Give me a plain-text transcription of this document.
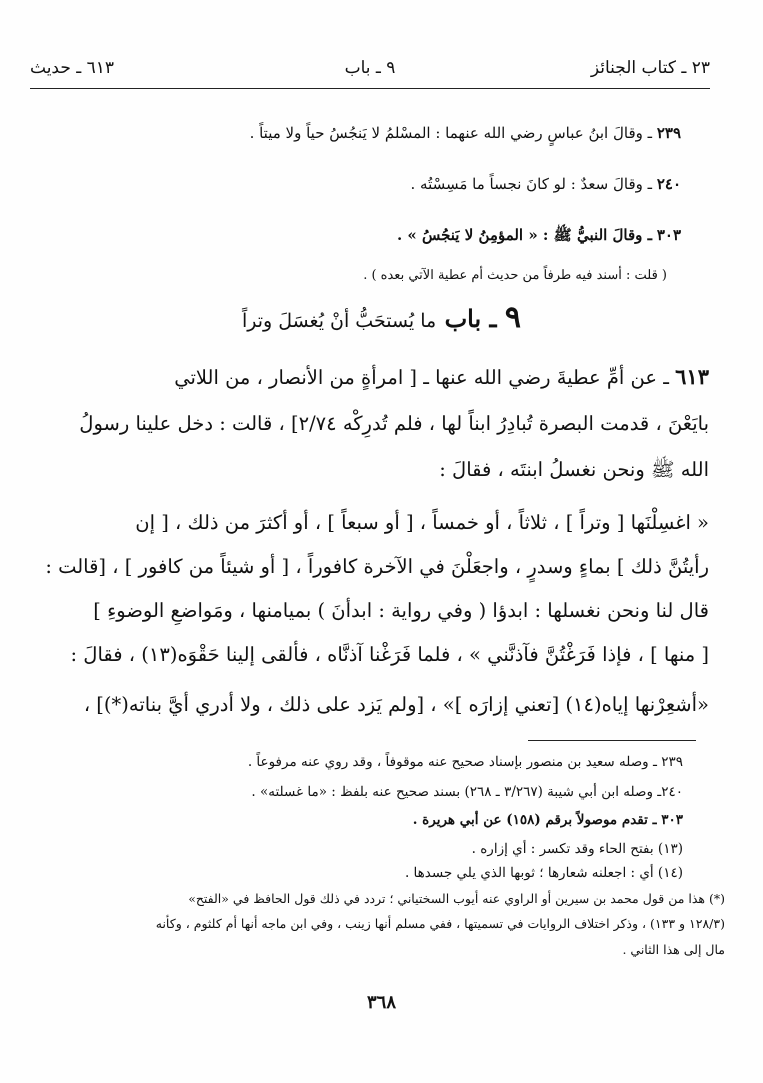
٢٣ ـ كتاب الجنائز
٩ ـ باب
٦١٣ ـ حديث
٢٣٩ ـ وقالَ ابنُ عباسٍ رضي الله عنهما : المسْلمُ لا يَنجُسُ حياً ولا ميتاً .
٢٤٠ ـ وقالَ سعدٌ : لو كانَ نجساً ما مَسِسْتُه .
٣٠٣ ـ وقالَ النبيُّ ﷺ : « المؤمِنُ لا يَنجُسُ » .
( قلت : أسند فيه طرفاً من حديث أم عطية الآتي بعده ) .
٩ ـ باب ما يُستحَبُّ أنْ يُغسَلَ وتراً
٦١٣ ـ عن أمِّ عطيةَ رضي الله عنها ـ [ امرأةٍ من الأنصار ، من اللاتي
بايَعْنَ ، قدمت البصرة تُبادِرُ ابناً لها ، فلم تُدرِكْه ٢/٧٤] ، قالت : دخل علينا رسولُ
الله ﷺ ونحن نغسلُ ابنتَه ، فقالَ :
« اغسِلْنَها [ وتراً ] ، ثلاثاً ، أو خمساً ، [ أو سبعاً ] ، أو أكثرَ من ذلك ، [ إن
رأيتُنَّ ذلك ] بماءٍ وسدرٍ ، واجعَلْنَ في الآخرة كافوراً ، [ أو شيئاً من كافور ] ، [قالت :
قال لنا ونحن نغسلها : ابدؤا ( وفي رواية : ابدأنَ ) بميامنها ، ومَواضعِ الوضوءِ ]
[ منها ] ، فإذا فَرَغْتُنَّ فآذنَّني » ، فلما فَرَغْنا آذنَّاه ، فألقى إلينا حَقْوَه(١٣) ، فقالَ :
«أشعِرْنها إياه(١٤) [تعني إزارَه ]» ، [ولم يَزد على ذلك ، ولا أدري أيَّ بناته(*)] ،
٢٣٩ ـ وصله سعيد بن منصور بإسناد صحيح عنه موقوفاً ، وقد روي عنه مرفوعاً .
٢٤٠ـ وصله ابن أبي شيبة (٣/٢٦٧ ـ ٢٦٨) بسند صحيح عنه بلفظ : «ما غسلته» .
٣٠٣ ـ تقدم موصولاً برقم (١٥٨) عن أبي هريرة .
(١٣) بفتح الحاء وقد تكسر : أي إزاره .
(١٤) أي : اجعلنه شعارها ؛ ثوبها الذي يلي جسدها .
(*) هذا من قول محمد بن سيرين أو الراوي عنه أيوب السختياني ؛ تردد في ذلك قول الحافظ في «الفتح»
(١٢٨/٣ و ١٣٣) ، وذكر اختلاف الروايات في تسميتها ، ففي مسلم أنها زينب ، وفي ابن ماجه أنها أم كلثوم ، وكأنه
مال إلى هذا الثاني .
٣٦٨
